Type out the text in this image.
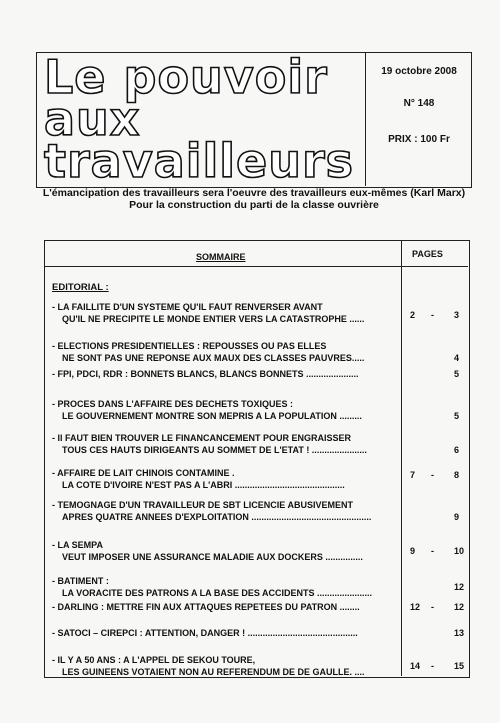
Le pouvoir
aux
travailleurs
19 octobre 2008
N° 148
PRIX : 100 Fr
L'émancipation des travailleurs sera l'oeuvre des travailleurs eux-mêmes (Karl Marx)
Pour la construction du parti de la classe ouvrière
SOMMAIRE	PAGES
EDITORIAL :
- LA FAILLITE D'UN SYSTEME QU'IL FAUT RENVERSER AVANT
QU'IL NE PRECIPITE LE MONDE ENTIER VERS LA CATASTROPHE ......
- ELECTIONS PRESIDENTIELLES : REPOUSSES OU PAS ELLES
NE SONT PAS UNE REPONSE AUX MAUX DES CLASSES PAUVRES.....
- FPI, PDCI, RDR : BONNETS BLANCS, BLANCS BONNETS .....................
- PROCES DANS L'AFFAIRE DES DECHETS TOXIQUES :
LE GOUVERNEMENT MONTRE SON MEPRIS A LA POPULATION .........
- Il FAUT BIEN TROUVER LE FINANCANCEMENT POUR ENGRAISSER
TOUS CES HAUTS DIRIGEANTS AU SOMMET DE L'ETAT ! ......................
- AFFAIRE DE LAIT CHINOIS CONTAMINE .
LA COTE D'IVOIRE N'EST PAS A L'ABRI ............................................
- TEMOGNAGE D'UN TRAVAILLEUR DE SBT LICENCIE ABUSIVEMENT
APRES QUATRE ANNEES D'EXPLOITATION ................................................
- LA SEMPA
VEUT IMPOSER UNE ASSURANCE MALADIE AUX DOCKERS ...............
- BATIMENT :
LA VORACITE DES PATRONS A LA BASE DES ACCIDENTS ......................
- DARLING : METTRE FIN AUX ATTAQUES REPETEES DU PATRON ........
- SATOCI – CIREPCI : ATTENTION, DANGER ! ............................................
- IL Y A 50 ANS : A L'APPEL DE SEKOU TOURE,
LES GUINEENS VOTAIENT NON AU REFERENDUM DE DE GAULLE. ....
2 - 3
4
5
5
6
7 - 8
9
9 - 10
12
12 - 12
13
14 - 15
